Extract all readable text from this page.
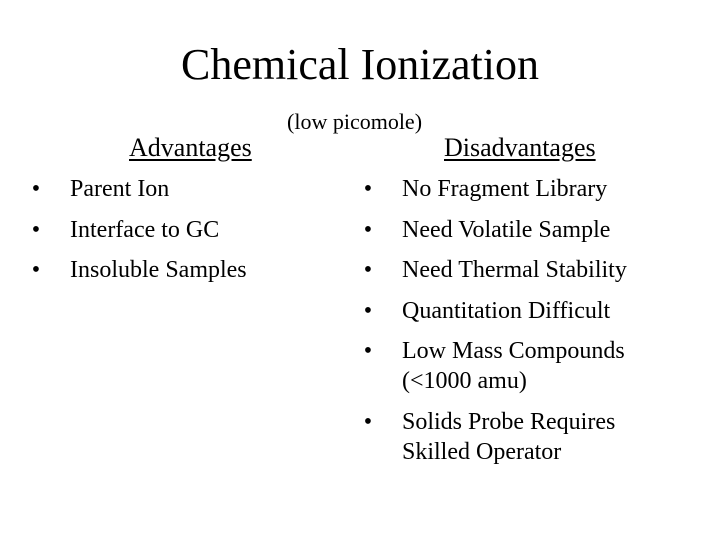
Chemical Ionization
(low picomole)
Advantages	Disadvantages
• Parent Ion
• Interface to GC
• Insoluble Samples
• No Fragment Library
• Need Volatile Sample
• Need Thermal Stability
• Quantitation Difficult
• Low Mass Compounds
(<1000 amu)
• Solids Probe Requires
Skilled Operator
